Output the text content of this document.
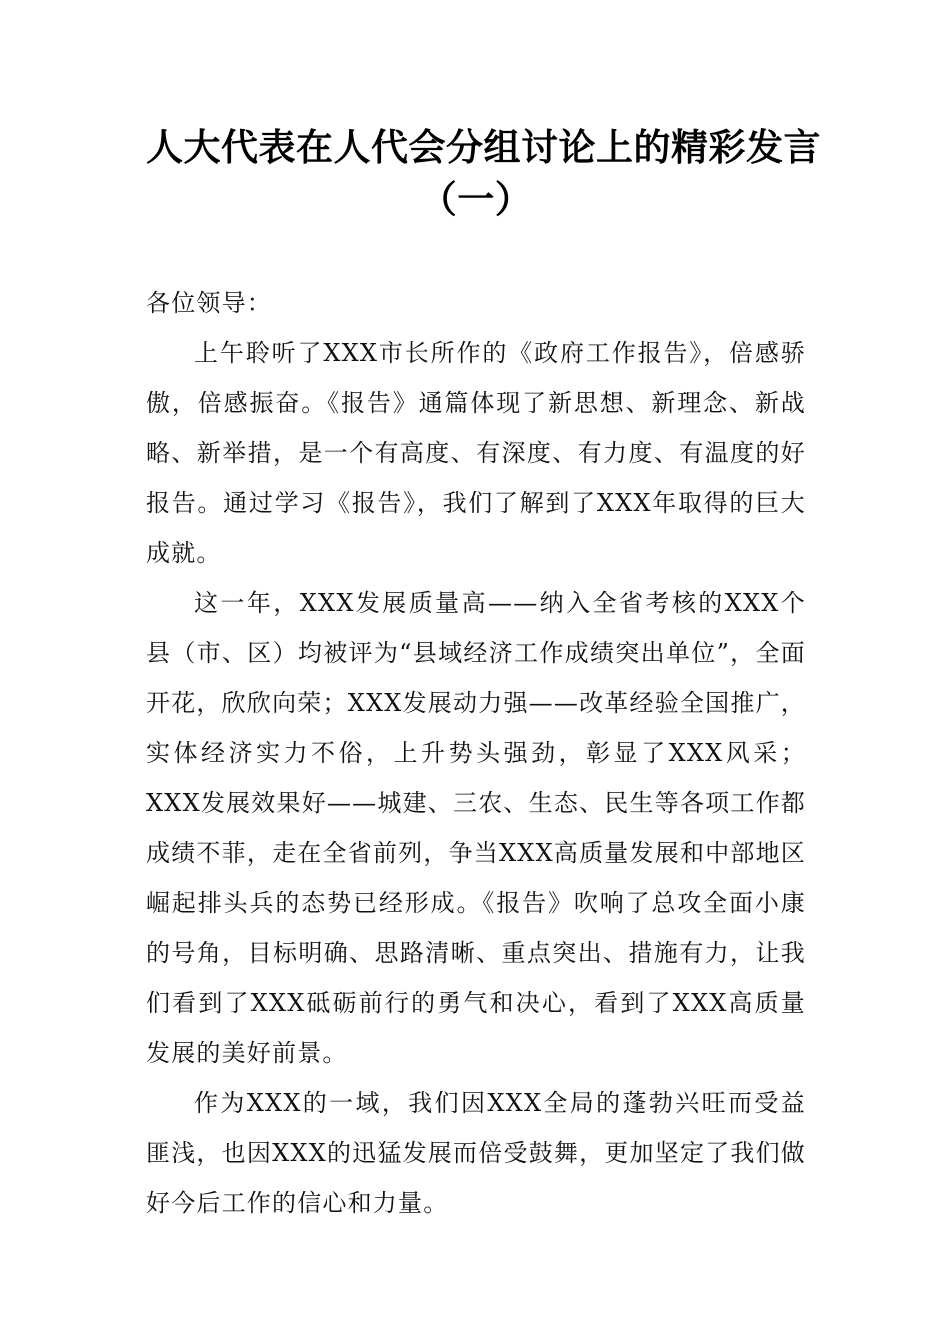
人大代表在人代会分组讨论上的精彩发言
（一）

各位领导：

上午聆听了XXX市长所作的《政府工作报告》，倍感骄傲，倍感振奋。《报告》通篇体现了新思想、新理念、新战略、新举措，是一个有高度、有深度、有力度、有温度的好报告。通过学习《报告》，我们了解到了XXX年取得的巨大成就。

这一年，XXX发展质量高——纳入全省考核的XXX个县（市、区）均被评为“县域经济工作成绩突出单位”，全面开花，欣欣向荣；XXX发展动力强——改革经验全国推广，实体经济实力不俗，上升势头强劲，彰显了XXX风采；XXX发展效果好——城建、三农、生态、民生等各项工作都成绩不菲，走在全省前列，争当XXX高质量发展和中部地区崛起排头兵的态势已经形成。《报告》吹响了总攻全面小康的号角，目标明确、思路清晰、重点突出、措施有力，让我们看到了XXX砥砺前行的勇气和决心，看到了XXX高质量发展的美好前景。

作为XXX的一域，我们因XXX全局的蓬勃兴旺而受益匪浅，也因XXX的迅猛发展而倍受鼓舞，更加坚定了我们做好今后工作的信心和力量。
